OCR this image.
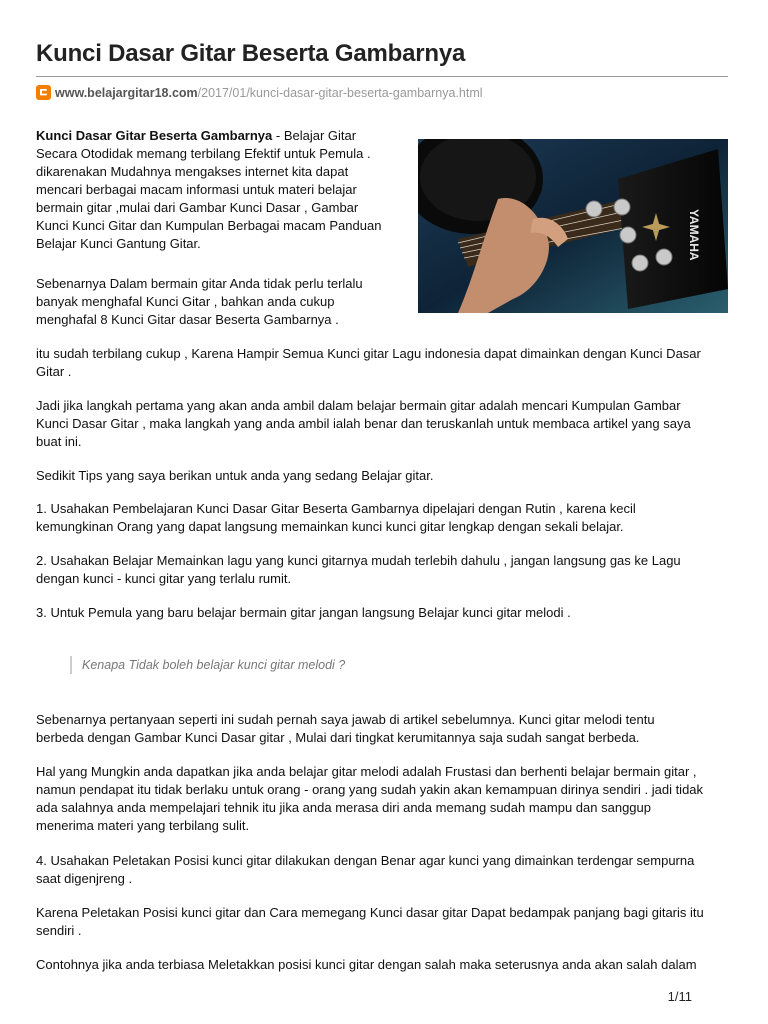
Kunci Dasar Gitar Beserta Gambarnya
www.belajargitar18.com /2017/01/kunci-dasar-gitar-beserta-gambarnya.html

Kunci Dasar Gitar Beserta Gambarnya - Belajar Gitar

Secara Otodidak memang terbilang Efektif untuk Pemula .

dikarenakan Mudahnya mengakses internet kita dapat

mencari berbagai macam informasi untuk materi belajar

bermain gitar ,mulai dari Gambar Kunci Dasar , Gambar

Kunci Kunci Gitar dan Kumpulan Berbagai macam Panduan

Belajar Kunci Gantung Gitar.

Sebenarnya Dalam bermain gitar Anda tidak perlu terlalu

banyak menghafal Kunci Gitar , bahkan anda cukup

menghafal 8 Kunci Gitar dasar Beserta Gambarnya .

YAMAHA

itu sudah terbilang cukup , Karena Hampir Semua Kunci gitar Lagu indonesia dapat dimainkan dengan Kunci Dasar

Gitar .

Jadi jika langkah pertama yang akan anda ambil dalam belajar bermain gitar adalah mencari Kumpulan Gambar

Kunci Dasar Gitar , maka langkah yang anda ambil ialah benar dan teruskanlah untuk membaca artikel yang saya

buat ini.

Sedikit Tips yang saya berikan untuk anda yang sedang Belajar gitar.

1. Usahakan Pembelajaran Kunci Dasar Gitar Beserta Gambarnya dipelajari dengan Rutin , karena kecil

kemungkinan Orang yang dapat langsung memainkan kunci kunci gitar lengkap dengan sekali belajar.

2. Usahakan Belajar Memainkan lagu yang kunci gitarnya mudah terlebih dahulu , jangan langsung gas ke Lagu

dengan kunci - kunci gitar yang terlalu rumit.

3. Untuk Pemula yang baru belajar bermain gitar jangan langsung Belajar kunci gitar melodi .

Kenapa Tidak boleh belajar kunci gitar melodi ?

Sebenarnya pertanyaan seperti ini sudah pernah saya jawab di artikel sebelumnya. Kunci gitar melodi tentu

berbeda dengan Gambar Kunci Dasar gitar , Mulai dari tingkat kerumitannya saja sudah sangat berbeda.

Hal yang Mungkin anda dapatkan jika anda belajar gitar melodi adalah Frustasi dan berhenti belajar bermain gitar ,

namun pendapat itu tidak berlaku untuk orang - orang yang sudah yakin akan kemampuan dirinya sendiri . jadi tidak

ada salahnya anda mempelajari tehnik itu jika anda merasa diri anda memang sudah mampu dan sanggup

menerima materi yang terbilang sulit.

4. Usahakan Peletakan Posisi kunci gitar dilakukan dengan Benar agar kunci yang dimainkan terdengar sempurna

saat digenjreng .

Karena Peletakan Posisi kunci gitar dan Cara memegang Kunci dasar gitar Dapat bedampak panjang bagi gitaris itu

sendiri .

Contohnya jika anda terbiasa Meletakkan posisi kunci gitar dengan salah maka seterusnya anda akan salah dalam

1/11
